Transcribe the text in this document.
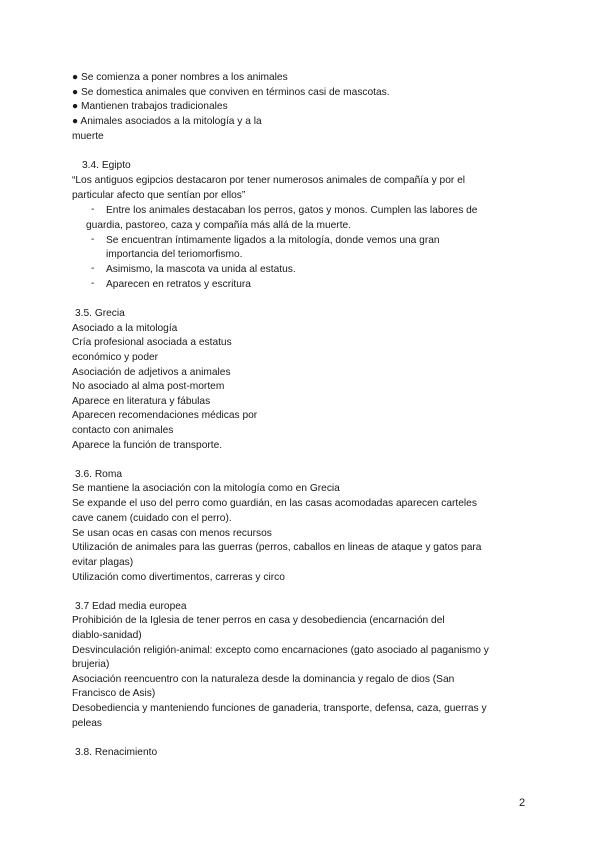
● Se comienza a poner nombres a los animales
● Se domestica animales que conviven en términos casi de mascotas.
● Mantienen trabajos tradicionales
● Animales asociados a la mitología y a la
muerte
3.4. Egipto
“Los antiguos egipcios destacaron por tener numerosos animales de compañía y por el
particular afecto que sentían por ellos”
- Entre los animales destacaban los perros, gatos y monos. Cumplen las labores de
guardia, pastoreo, caza y compañía más allá de la muerte.
- Se encuentran íntimamente ligados a la mitología, donde vemos una gran
importancia del teriomorfismo.
- Asimismo, la mascota va unida al estatus.
- Aparecen en retratos y escritura
3.5. Grecia
Asociado a la mitología
Cría profesional asociada a estatus
económico y poder
Asociación de adjetivos a animales
No asociado al alma post-mortem
Aparece en literatura y fábulas
Aparecen recomendaciones médicas por
contacto con animales
Aparece la función de transporte.
3.6. Roma
Se mantiene la asociación con la mitología como en Grecia
Se expande el uso del perro como guardián, en las casas acomodadas aparecen carteles
cave canem (cuidado con el perro).
Se usan ocas en casas con menos recursos
Utilización de animales para las guerras (perros, caballos en lineas de ataque y gatos para
evitar plagas)
Utilización como divertimentos, carreras y circo
3.7 Edad media europea
Prohibición de la Iglesia de tener perros en casa y desobediencia (encarnación del
diablo-sanidad)
Desvinculación religión-animal: excepto como encarnaciones (gato asociado al paganismo y
brujeria)
Asociación reencuentro con la naturaleza desde la dominancia y regalo de dios (San
Francisco de Asis)
Desobediencia y manteniendo funciones de ganaderia, transporte, defensa, caza, guerras y
peleas
3.8. Renacimiento
2
